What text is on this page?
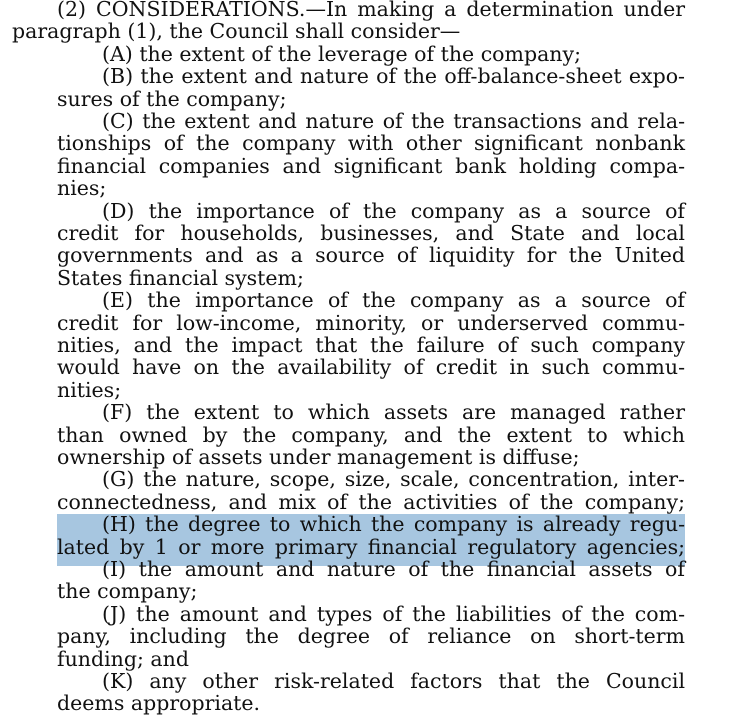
(2) CONSIDERATIONS.—In making a determination under
paragraph (1), the Council shall consider—
(A) the extent of the leverage of the company;
(B) the extent and nature of the off-balance-sheet expo-
sures of the company;
(C) the extent and nature of the transactions and rela-
tionships of the company with other significant nonbank
financial companies and significant bank holding compa-
nies;
(D) the importance of the company as a source of
credit for households, businesses, and State and local
governments and as a source of liquidity for the United
States financial system;
(E) the importance of the company as a source of
credit for low-income, minority, or underserved commu-
nities, and the impact that the failure of such company
would have on the availability of credit in such commu-
nities;
(F) the extent to which assets are managed rather
than owned by the company, and the extent to which
ownership of assets under management is diffuse;
(G) the nature, scope, size, scale, concentration, inter-
connectedness, and mix of the activities of the company;
(H) the degree to which the company is already regu-
lated by 1 or more primary financial regulatory agencies;
(I) the amount and nature of the financial assets of
the company;
(J) the amount and types of the liabilities of the com-
pany, including the degree of reliance on short-term
funding; and
(K) any other risk-related factors that the Council
deems appropriate.
